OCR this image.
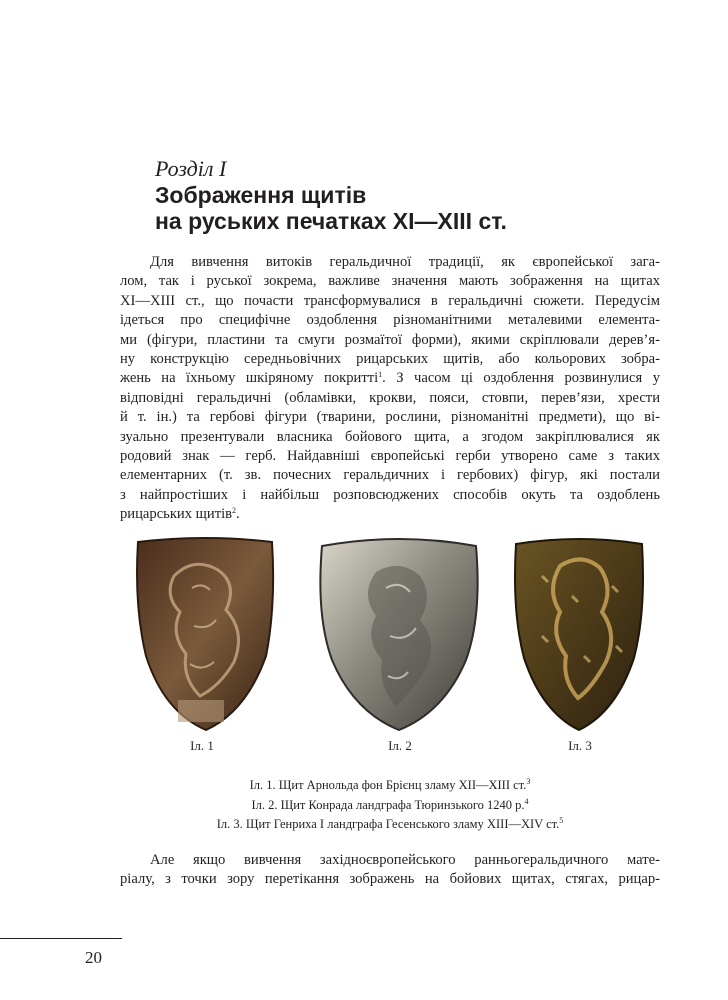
Розділ І
Зображення щитів
на руських печатках ХІ—ХІІІ ст.
Для вивчення витоків геральдичної традиції, як європейської зага-
лом, так і руської зокрема, важливе значення мають зображення на щитах
ХІ—ХІІІ ст., що почасти трансформувалися в геральдичні сюжети. Передусім
ідеться про специфічне оздоблення різноманітними металевими елемента-
ми (фігури, пластини та смуги розмаїтої форми), якими скріплювали дерев’я-
ну конструкцію середньовічних рицарських щитів, або кольорових зобра-
жень на їхньому шкіряному покритті$^1$. З часом ці оздоблення розвинулися у
відповідні геральдичні (обламівки, крокви, пояси, стовпи, перев’язи, хрести
й т. ін.) та гербові фігури (тварини, рослини, різноманітні предмети), що ві-
зуально презентували власника бойового щита, а згодом закріплювалися як
родовий знак — герб. Найдавніші європейські герби утворено саме з таких
елементарних (т. зв. почесних геральдичних і гербових) фігур, які постали
з найпростіших і найбільш розповсюджених способів окуть та оздоблень
рицарських щитів$^2$.

Іл. 1	Іл. 2	Іл. 3

Іл. 1. Щит Арнольда фон Брієнц зламу ХІІ—ХІІІ ст.$^3$
Іл. 2. Щит Конрада ландграфа Тюринзького 1240 р.$^4$
Іл. 3. Щит Генриха І ландграфа Гесенського зламу ХІІІ—XIV ст.$^5$
Але якщо вивчення західноєвропейського ранньогеральдичного мате-
ріалу, з точки зору перетікання зображень на бойових щитах, стягах, рицар-

20
